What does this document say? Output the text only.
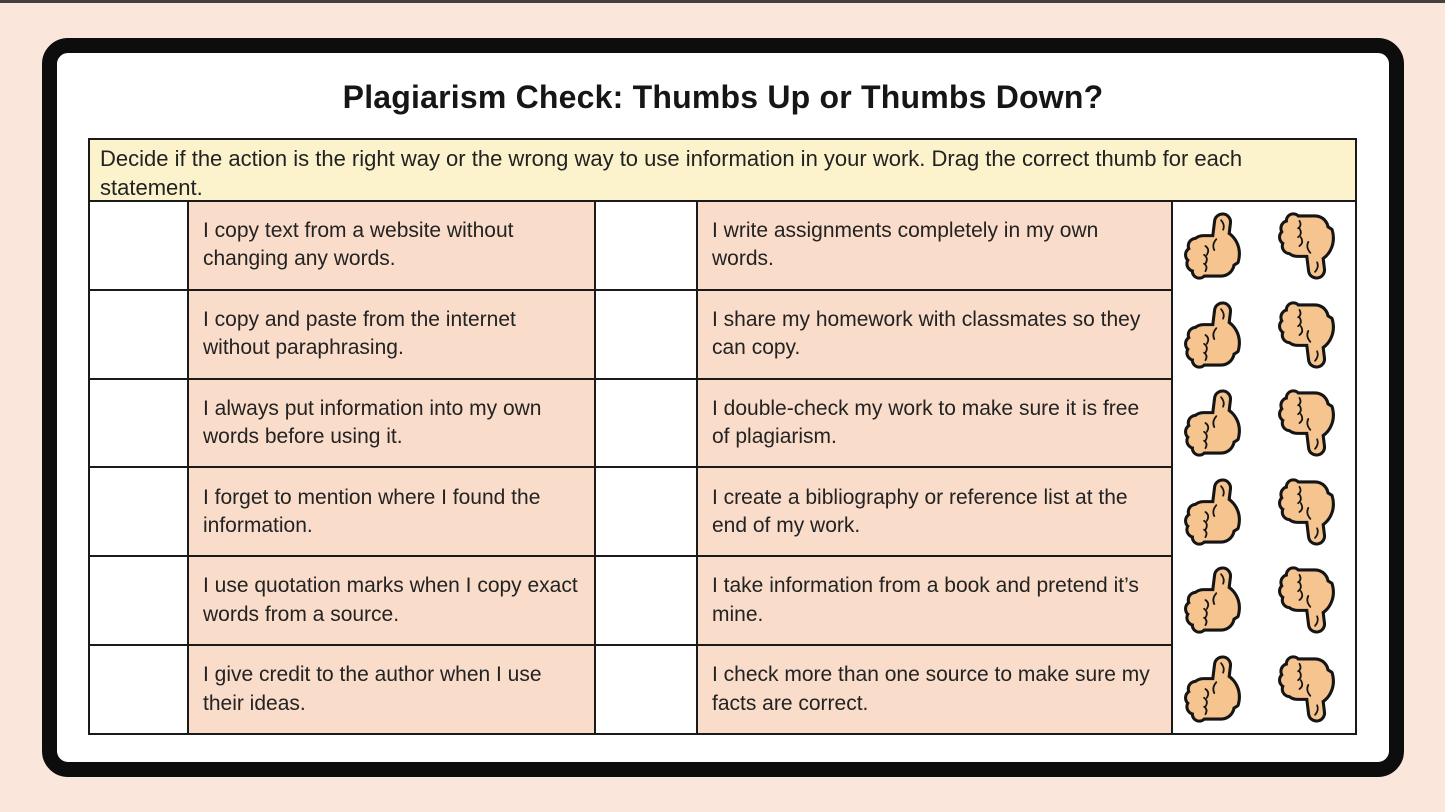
Plagiarism Check: Thumbs Up or Thumbs Down?
Decide if the action is the right way or the wrong way to use information in your work. Drag the correct thumb for each statement.
I copy text from a website without changing any words.
I write assignments completely in my own words.
I copy and paste from the internet without paraphrasing.
I share my homework with classmates so they can copy.
I always put information into my own words before using it.
I double-check my work to make sure it is free of plagiarism.
I forget to mention where I found the information.
I create a bibliography or reference list at the end of my work.
I use quotation marks when I copy exact words from a source.
I take information from a book and pretend it’s mine.
I give credit to the author when I use their ideas.
I check more than one source to make sure my facts are correct.
